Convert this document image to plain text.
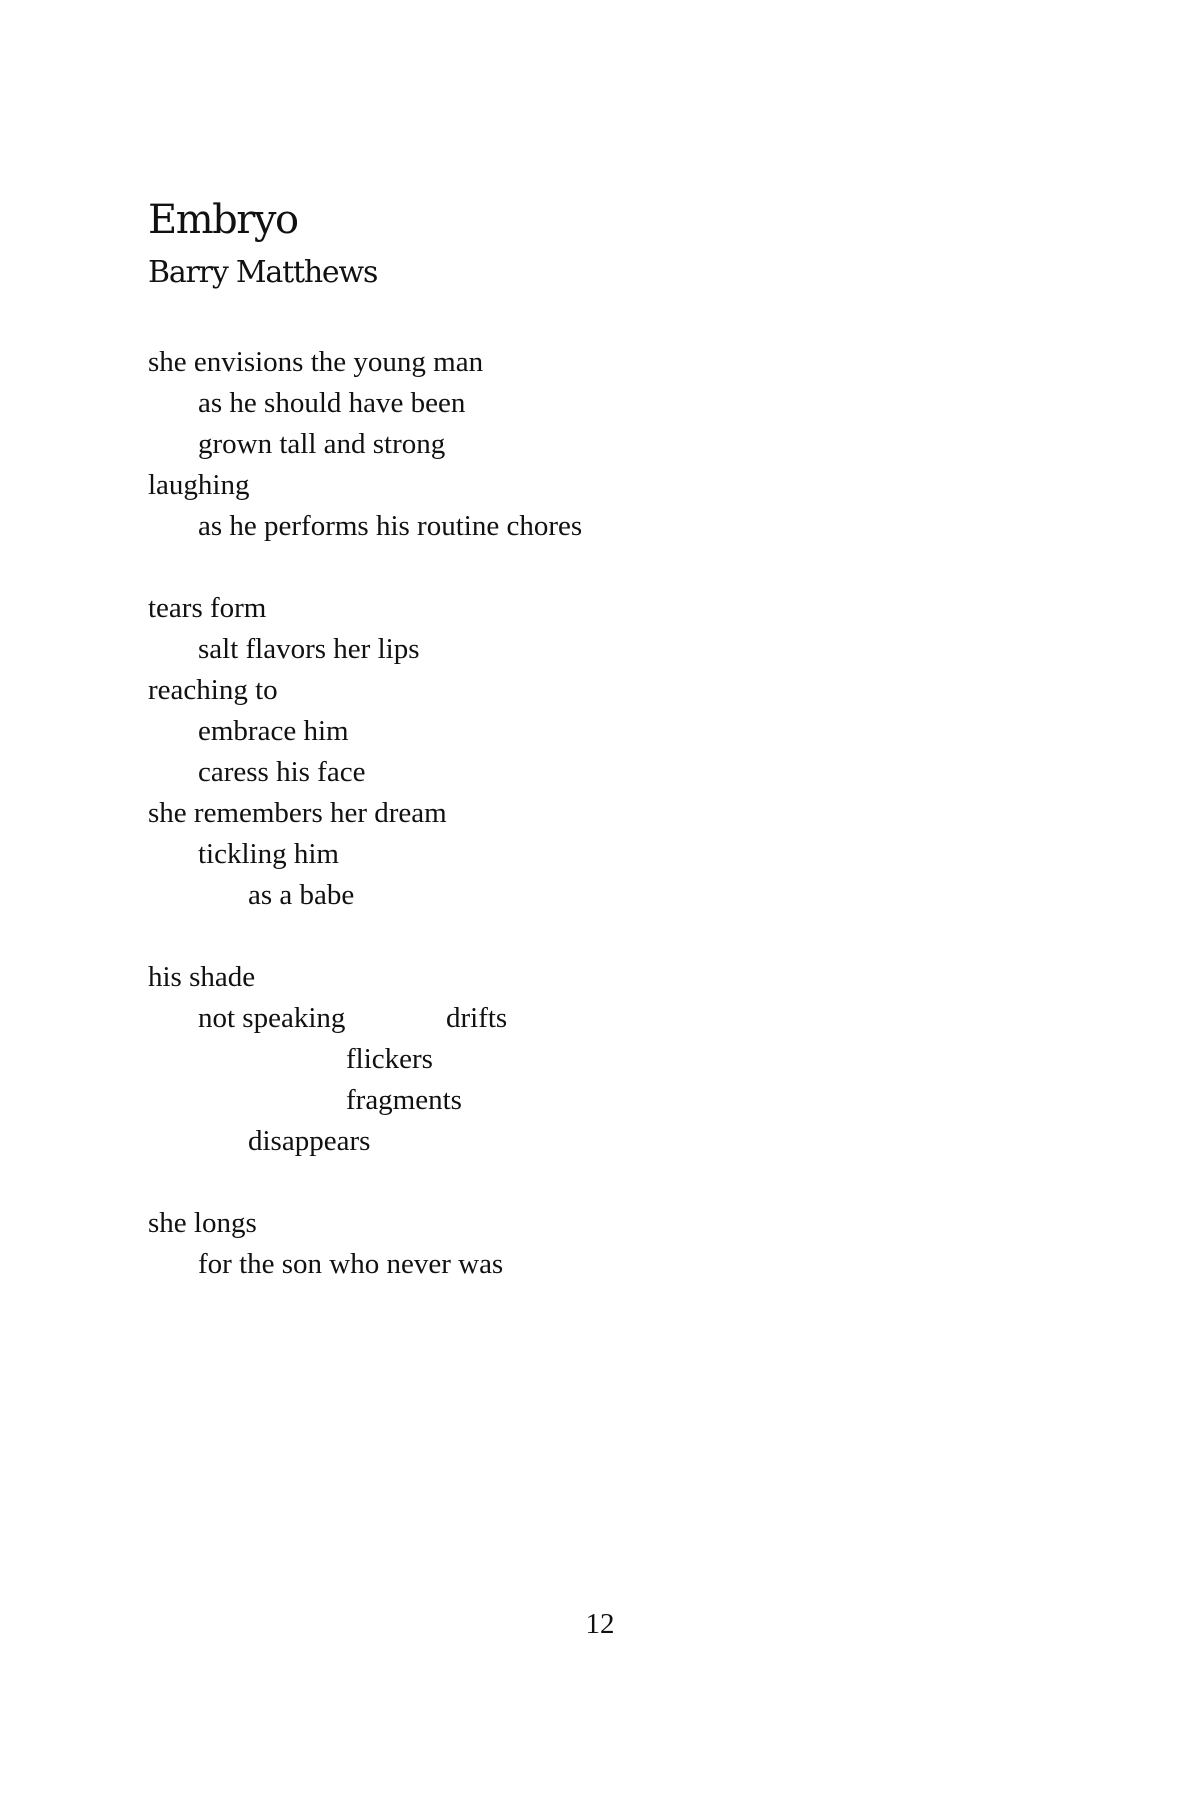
Embryo
Barry Matthews
she envisions the young man
as he should have been
grown tall and strong
laughing
as he performs his routine chores
tears form
salt flavors her lips
reaching to
embrace him
caress his face
she remembers her dream
tickling him
as a babe
his shade
not speaking	drifts
flickers
fragments
disappears
she longs
for the son who never was
12
